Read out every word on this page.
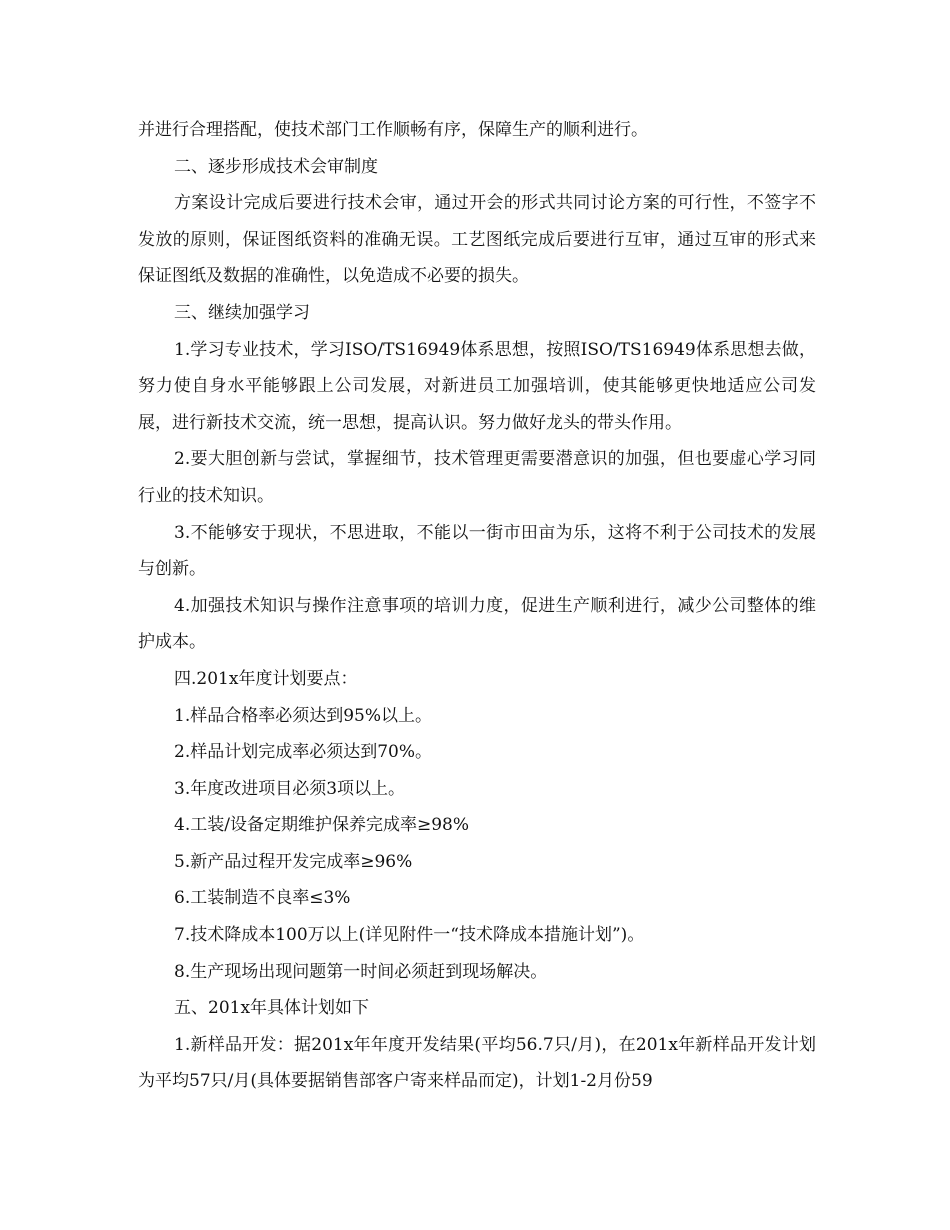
并进行合理搭配，使技术部门工作顺畅有序，保障生产的顺利进行。

二、逐步形成技术会审制度

方案设计完成后要进行技术会审，通过开会的形式共同讨论方案的可行性，不签字不发放的原则，保证图纸资料的准确无误。工艺图纸完成后要进行互审，通过互审的形式来保证图纸及数据的准确性，以免造成不必要的损失。

三、继续加强学习

1.学习专业技术，学习ISO/TS16949体系思想，按照ISO/TS16949体系思想去做，努力使自身水平能够跟上公司发展，对新进员工加强培训，使其能够更快地适应公司发展，进行新技术交流，统一思想，提高认识。努力做好龙头的带头作用。

2.要大胆创新与尝试，掌握细节，技术管理更需要潜意识的加强，但也要虚心学习同行业的技术知识。

3.不能够安于现状，不思进取，不能以一街市田亩为乐，这将不利于公司技术的发展与创新。

4.加强技术知识与操作注意事项的培训力度，促进生产顺利进行，减少公司整体的维护成本。

四.201x年度计划要点：

1.样品合格率必须达到95%以上。

2.样品计划完成率必须达到70%。

3.年度改进项目必须3项以上。

4.工装/设备定期维护保养完成率≥98%

5.新产品过程开发完成率≥96%

6.工装制造不良率≤3%

7.技术降成本100万以上(详见附件一“技术降成本措施计划”)。

8.生产现场出现问题第一时间必须赶到现场解决。

五、201x年具体计划如下

1.新样品开发：据201x年年度开发结果(平均56.7只/月)，在201x年新样品开发计划为平均57只/月(具体要据销售部客户寄来样品而定)，计划1-2月份59
